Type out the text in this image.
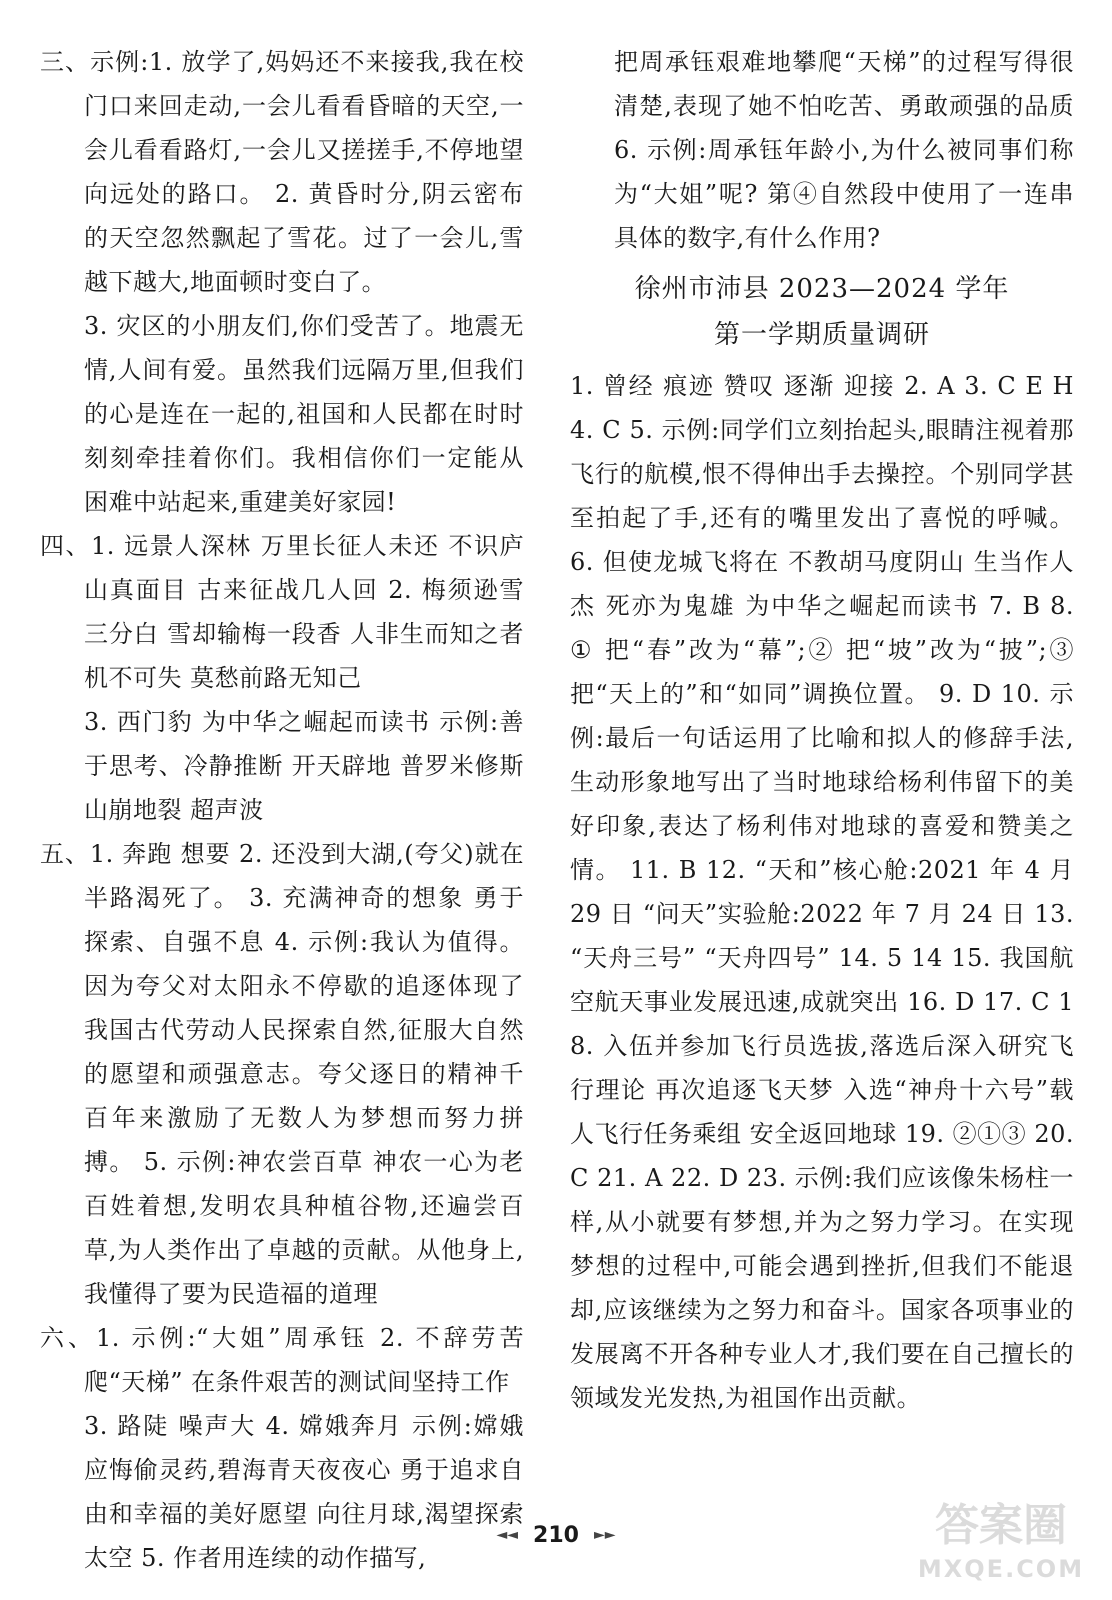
三、示例:1. 放学了,妈妈还不来接我,我在校门口来回走动,一会儿看看昏暗的天空,一会儿看看路灯,一会儿又搓搓手,不停地望向远处的路口。 2. 黄昏时分,阴云密布的天空忽然飘起了雪花。过了一会儿,雪越下越大,地面顿时变白了。

3. 灾区的小朋友们,你们受苦了。地震无情,人间有爱。虽然我们远隔万里,但我们的心是连在一起的,祖国和人民都在时时刻刻牵挂着你们。我相信你们一定能从困难中站起来,重建美好家园!

四、1. 远景人深林 万里长征人未还 不识庐山真面目 古来征战几人回 2. 梅须逊雪三分白 雪却输梅一段香 人非生而知之者 机不可失 莫愁前路无知己

3. 西门豹 为中华之崛起而读书 示例:善于思考、冷静推断 开天辟地 普罗米修斯 山崩地裂 超声波

五、1. 奔跑 想要 2. 还没到大湖,(夸父)就在半路渴死了。 3. 充满神奇的想象 勇于探索、自强不息 4. 示例:我认为值得。因为夸父对太阳永不停歇的追逐体现了我国古代劳动人民探索自然,征服大自然的愿望和顽强意志。夸父逐日的精神千百年来激励了无数人为梦想而努力拼搏。 5. 示例:神农尝百草 神农一心为老百姓着想,发明农具种植谷物,还遍尝百草,为人类作出了卓越的贡献。从他身上,我懂得了要为民造福的道理

六、1. 示例:“大姐”周承钰 2. 不辞劳苦爬“天梯” 在条件艰苦的测试间坚持工作

3. 路陡 噪声大 4. 嫦娥奔月 示例:嫦娥应悔偷灵药,碧海青天夜夜心 勇于追求自由和幸福的美好愿望 向往月球,渴望探索太空 5. 作者用连续的动作描写,

把周承钰艰难地攀爬“天梯”的过程写得很清楚,表现了她不怕吃苦、勇敢顽强的品质 6. 示例:周承钰年龄小,为什么被同事们称为“大姐”呢? 第④自然段中使用了一连串具体的数字,有什么作用?

徐州市沛县 2023—2024 学年

第一学期质量调研

1. 曾经 痕迹 赞叹 逐渐 迎接 2. A 3. C E H 4. C 5. 示例:同学们立刻抬起头,眼睛注视着那飞行的航模,恨不得伸出手去操控。个别同学甚至拍起了手,还有的嘴里发出了喜悦的呼喊。 6. 但使龙城飞将在 不教胡马度阴山 生当作人杰 死亦为鬼雄 为中华之崛起而读书 7. B 8. ① 把“春”改为“幕”;② 把“坡”改为“披”;③ 把“天上的”和“如同”调换位置。 9. D 10. 示例:最后一句话运用了比喻和拟人的修辞手法,生动形象地写出了当时地球给杨利伟留下的美好印象,表达了杨利伟对地球的喜爱和赞美之情。 11. B 12. “天和”核心舱:2021 年 4 月 29 日 “问天”实验舱:2022 年 7 月 24 日 13. “天舟三号” “天舟四号” 14. 5 14 15. 我国航空航天事业发展迅速,成就突出 16. D 17. C 18. 入伍并参加飞行员选拔,落选后深入研究飞行理论 再次追逐飞天梦 入选“神舟十六号”载人飞行任务乘组 安全返回地球 19. ②①③ 20. C 21. A 22. D 23. 示例:我们应该像朱杨柱一样,从小就要有梦想,并为之努力学习。在实现梦想的过程中,可能会遇到挫折,但我们不能退却,应该继续为之努力和奋斗。国家各项事业的发展离不开各种专业人才,我们要在自己擅长的领域发光发热,为祖国作出贡献。

◄◄ 210 ►►	答案圈
MXQE.COM
